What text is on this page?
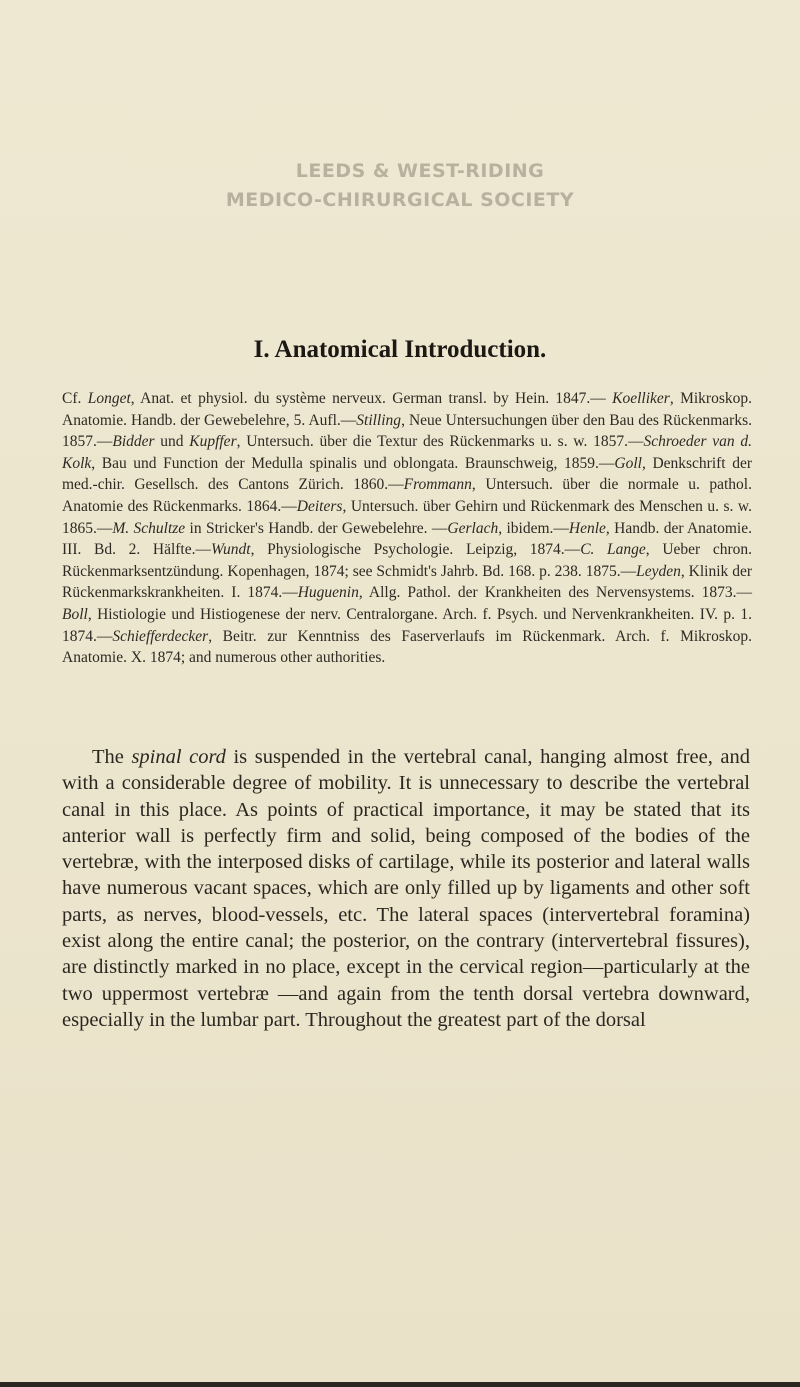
LEEDS & WEST-RIDING
MEDICO-CHIRURGICAL SOCIETY
I. Anatomical Introduction.

Cf. Longet, Anat. et physiol. du système nerveux. German transl. by Hein. 1847.— Koelliker, Mikroskop. Anatomie. Handb. der Gewebelehre, 5. Aufl.—Stilling, Neue Untersuchungen über den Bau des Rückenmarks. 1857.—Bidder und Kupffer, Untersuch. über die Textur des Rückenmarks u. s. w. 1857.—Schroeder van d. Kolk, Bau und Function der Medulla spinalis und oblongata. Braunschweig, 1859.—Goll, Denkschrift der med.-chir. Gesellsch. des Cantons Zürich. 1860.—Frommann, Untersuch. über die normale u. pathol. Anatomie des Rückenmarks. 1864.—Deiters, Untersuch. über Gehirn und Rückenmark des Menschen u. s. w. 1865.—M. Schultze in Stricker's Handb. der Gewebelehre. —Gerlach, ibidem.—Henle, Handb. der Anatomie. III. Bd. 2. Hälfte.—Wundt, Physiologische Psychologie. Leipzig, 1874.—C. Lange, Ueber chron. Rückenmarksentzündung. Kopenhagen, 1874; see Schmidt's Jahrb. Bd. 168. p. 238. 1875.—Leyden, Klinik der Rückenmarkskrankheiten. I. 1874.—Huguenin, Allg. Pathol. der Krankheiten des Nervensystems. 1873.—Boll, Histiologie und Histiogenese der nerv. Centralorgane. Arch. f. Psych. und Nervenkrankheiten. IV. p. 1. 1874.—Schiefferdecker, Beitr. zur Kenntniss des Faserverlaufs im Rückenmark. Arch. f. Mikroskop. Anatomie. X. 1874; and numerous other authorities.

The spinal cord is suspended in the vertebral canal, hanging almost free, and with a considerable degree of mobility. It is unnecessary to describe the vertebral canal in this place. As points of practical importance, it may be stated that its anterior wall is perfectly firm and solid, being composed of the bodies of the vertebræ, with the interposed disks of cartilage, while its posterior and lateral walls have numerous vacant spaces, which are only filled up by ligaments and other soft parts, as nerves, blood-vessels, etc. The lateral spaces (intervertebral foramina) exist along the entire canal; the posterior, on the contrary (intervertebral fissures), are distinctly marked in no place, except in the cervical region—particularly at the two uppermost vertebræ —and again from the tenth dorsal vertebra downward, especially in the lumbar part. Throughout the greatest part of the dorsal
